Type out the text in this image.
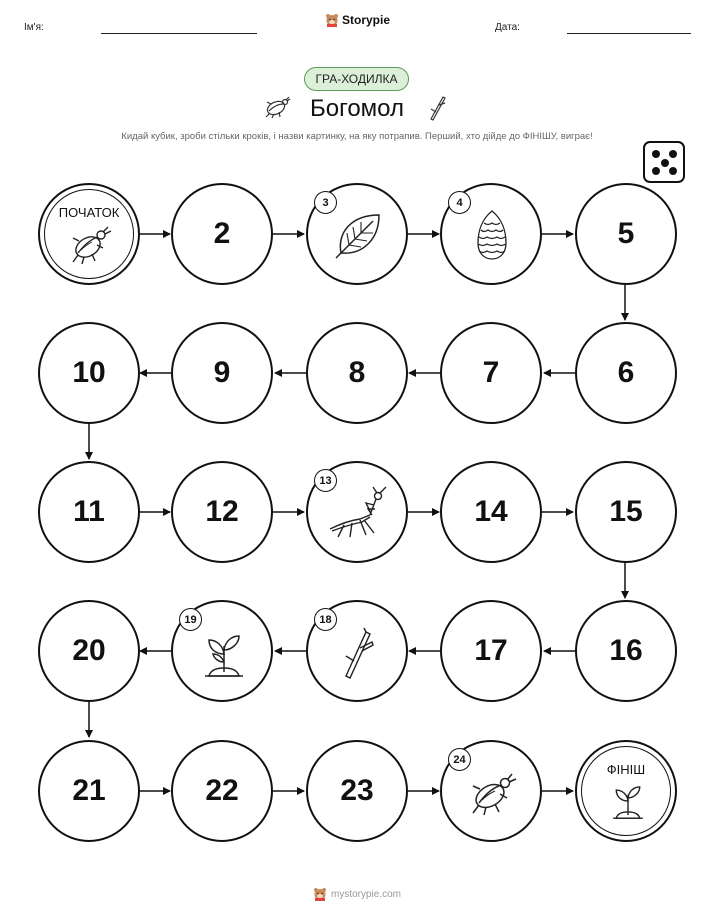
Ім'я:	Дата:
Storypie
ГРА-ХОДИЛКА
Богомол
Кидай кубик, зроби стільки кроків, і назви картинку, на яку потрапив. Перший, хто дійде до ФІНІШУ, виграє!
ПОЧАТОК
2
3	4
5
10	9	8	7	6
11	12
13
14	15
20
19	18
17	16
21	22	23
24
ФІНІШ
mystorypie.com
